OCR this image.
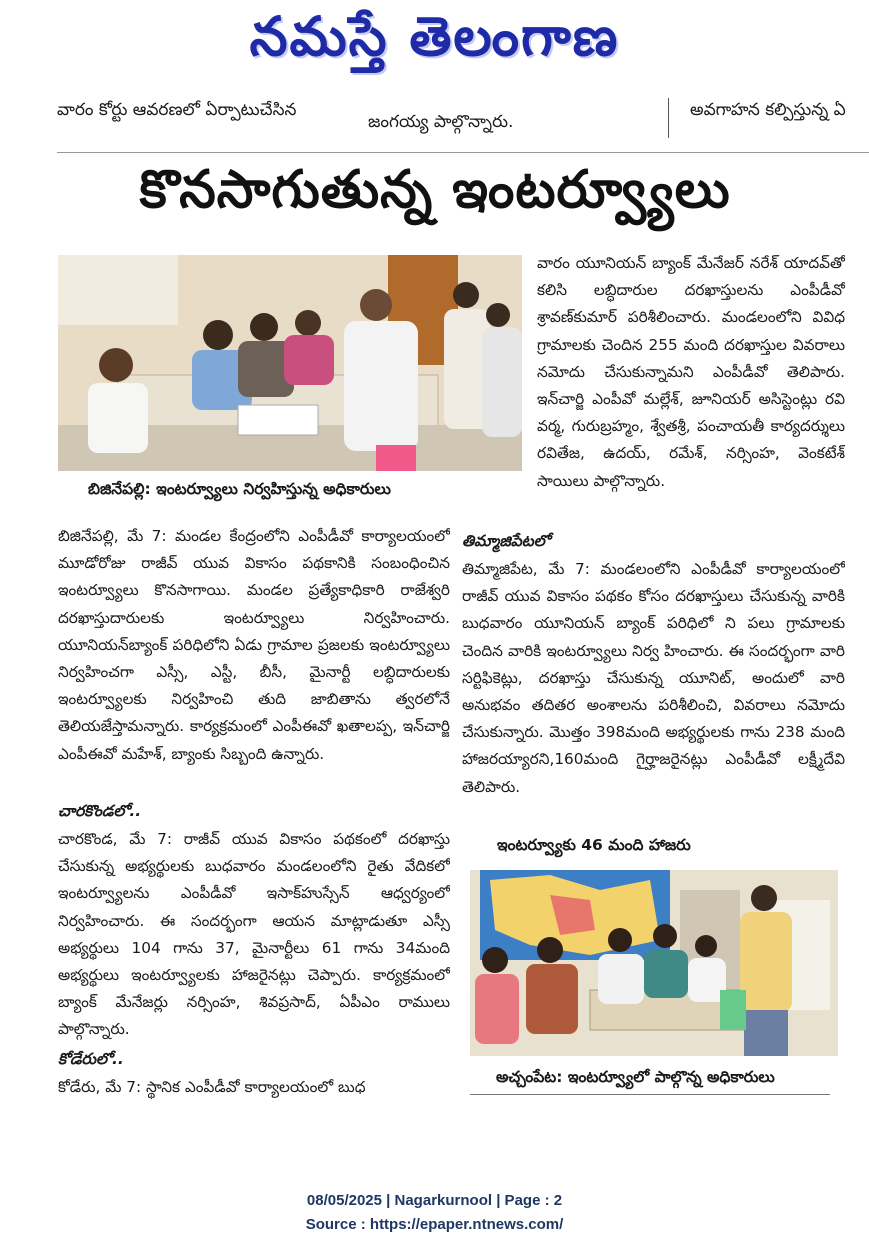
నమస్తే తెలంగాణ
వారం కోర్టు ఆవరణలో ఏర్పాటుచేసిన
జంగయ్య పాల్గొన్నారు.
అవగాహన కల్పిస్తున్న ఏ
కొనసాగుతున్న ఇంటర్వ్యూలు
బిజినేపల్లి: ఇంటర్వ్యూలు నిర్వహిస్తున్న అధికారులు

బిజినేపల్లి, మే 7: మండల కేంద్రంలోని ఎంపీడీవో కార్యాలయంలో మూడోరోజు రాజీవ్ యువ వికాసం పథకానికి సంబంధించిన ఇంటర్వ్యూలు కొనసాగాయి. మండల ప్రత్యేకాధికారి రాజేశ్వరి దరఖాస్తుదారులకు ఇంటర్వ్యూలు నిర్వహించారు. యూనియన్‌బ్యాంక్ పరిధిలోని ఏడు గ్రామాల ప్రజలకు ఇంటర్వ్యూలు నిర్వహించగా ఎస్సీ, ఎస్టీ, బీసీ, మైనార్టీ లబ్ధిదారులకు ఇంటర్వ్యూలకు నిర్వహించి తుది జాబితాను త్వరలోనే తెలియజేస్తామన్నారు. కార్యక్రమంలో ఎంపీఈవో ఖతాలప్ప, ఇన్‌చార్జి ఎంపీఈవో మహేశ్, బ్యాంకు సిబ్బంది ఉన్నారు.

చారకొండలో..
చారకొండ, మే 7: రాజీవ్ యువ వికాసం పథకంలో దరఖాస్తు చేసుకున్న అభ్యర్థులకు బుధవారం మండలంలోని రైతు వేదికలో ఇంటర్వ్యూలను ఎంపీడీవో ఇసాక్‌హుస్సేన్ ఆధ్వర్యంలో నిర్వహించారు. ఈ సందర్భంగా ఆయన మాట్లాడుతూ ఎస్సీ అభ్యర్థులు 104 గాను 37, మైనార్టీలు 61 గాను 34మంది అభ్యర్థులు ఇంటర్వ్యూలకు హాజరైనట్లు చెప్పారు. కార్యక్రమంలో బ్యాంక్ మేనేజర్లు నర్సింహ, శివప్రసాద్, ఏపీఎం రాములు పాల్గొన్నారు.
కోడేరులో..
కోడేరు, మే 7: స్థానిక ఎంపీడీవో కార్యాలయంలో బుధ
వారం యూనియన్ బ్యాంక్ మేనేజర్ నరేశ్ యాదవ్‌తో కలిసి లబ్ధిదారుల దరఖాస్తులను ఎంపీడీవో శ్రావణ్‌కుమార్ పరిశీలించారు. మండలంలోని వివిధ గ్రామాలకు చెందిన 255 మంది దరఖాస్తుల వివరాలు నమోదు చేసుకున్నామని ఎంపీడీవో తెలిపారు. ఇన్‌చార్జి ఎంపీవో మల్లేశ్, జూనియర్ అసిస్టెంట్లు రవి వర్మ, గురుబ్రహ్మం, శ్వేతశ్రీ, పంచాయతీ కార్యదర్శులు రవితేజ, ఉదయ్, రమేశ్, నర్సింహ, వెంకటేశ్ సాయిలు పాల్గొన్నారు.
తిమ్మాజిపేటలో
తిమ్మాజిపేట, మే 7: మండలంలోని ఎంపీడీవో కార్యాలయంలో రాజీవ్ యువ వికాసం పథకం కోసం దరఖాస్తులు చేసుకున్న వారికి బుధవారం యూనియన్ బ్యాంక్ పరిధిలో ని పలు గ్రామాలకు చెందిన వారికి ఇంటర్వ్యూలు నిర్వ హించారు. ఈ సందర్భంగా వారి సర్టిఫికెట్లు, దరఖాస్తు చేసుకున్న యూనిట్, అందులో వారి అనుభవం తదితర అంశాలను పరిశీలించి, వివరాలు నమోదు చేసుకున్నారు. మొత్తం 398మంది అభ్యర్థులకు గాను 238 మంది హాజరయ్యారని,160మంది గైర్హాజరైనట్లు ఎంపీడీవో లక్ష్మీదేవి తెలిపారు.
ఇంటర్వ్యూకు 46 మంది హాజరు
అచ్చంపేట: ఇంటర్వ్యూలో పాల్గొన్న అధికారులు
08/05/2025 | Nagarkurnool | Page : 2
Source : https://epaper.ntnews.com/
